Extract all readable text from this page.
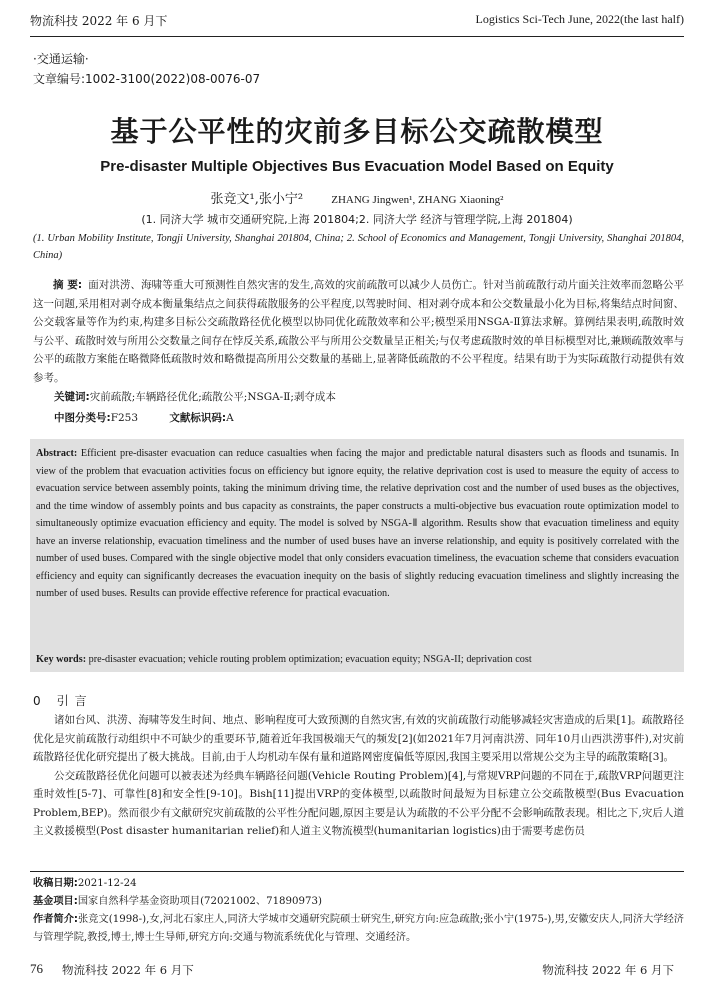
物流科技 2022 年 6 月下	Logistics Sci-Tech June, 2022(the last half)
·交通运输·
文章编号:1002-3100(2022)08-0076-07
基于公平性的灾前多目标公交疏散模型
Pre-disaster Multiple Objectives Bus Evacuation Model Based on Equity
张竞文¹,张小宁²	ZHANG Jingwen¹, ZHANG Xiaoning²
(1. 同济大学 城市交通研究院,上海 201804;2. 同济大学 经济与管理学院,上海 201804)
(1. Urban Mobility Institute, Tongji University, Shanghai 201804, China; 2. School of Economics and Management, Tongji University, Shanghai 201804, China)
摘 要: 面对洪涝、海啸等重大可预测性自然灾害的发生,高效的灾前疏散可以减少人员伤亡。针对当前疏散行动片面关注效率而忽略公平这一问题,采用相对剥夺成本衡量集结点之间获得疏散服务的公平程度,以驾驶时间、相对剥夺成本和公交数量最小化为目标,将集结点时间窗、公交载客量等作为约束,构建多目标公交疏散路径优化模型以协同优化疏散效率和公平;模型采用NSGA-Ⅱ算法求解。算例结果表明,疏散时效与公平、疏散时效与所用公交数量之间存在悖反关系,疏散公平与所用公交数量呈正相关;与仅考虑疏散时效的单目标模型对比,兼顾疏散效率与公平的疏散方案能在略微降低疏散时效和略微提高所用公交数量的基础上,显著降低疏散的不公平程度。结果有助于为实际疏散行动提供有效参考。
关键词:灾前疏散;车辆路径优化;疏散公平;NSGA-Ⅱ;剥夺成本
中图分类号:F253	文献标识码:A
Abstract: Efficient pre-disaster evacuation can reduce casualties when facing the major and predictable natural disasters such as floods and tsunamis. In view of the problem that evacuation activities focus on efficiency but ignore equity, the relative deprivation cost is used to measure the equity of access to evacuation service between assembly points, taking the minimum driving time, the relative deprivation cost and the number of used buses as the objectives, and the time window of assembly points and bus capacity as constraints, the paper constructs a multi-objective bus evacuation route optimization model to simultaneously optimize evacuation efficiency and equity. The model is solved by NSGA-Ⅱ algorithm. Results show that evacuation timeliness and equity have an inverse relationship, evacuation timeliness and the number of used buses have an inverse relationship, and equity is positively correlated with the number of used buses. Compared with the single objective model that only considers evacuation timeliness, the evacuation scheme that considers evacuation efficiency and equity can significantly decreases the evacuation inequity on the basis of slightly reducing evacuation timeliness and slightly increasing the number of used buses. Results can provide effective reference for practical evacuation.
Key words: pre-disaster evacuation; vehicle routing problem optimization; evacuation equity; NSGA-II; deprivation cost
0 引言

诸如台风、洪涝、海啸等发生时间、地点、影响程度可大致预测的自然灾害,有效的灾前疏散行动能够减轻灾害造成的后果[1]。疏散路径优化是灾前疏散行动组织中不可缺少的重要环节,随着近年我国极端天气的频发[2](如2021年7月河南洪涝、同年10月山西洪涝事件),对灾前疏散路径优化研究提出了极大挑战。目前,由于人均机动车保有量和道路网密度偏低等原因,我国主要采用以常规公交为主导的疏散策略[3]。

公交疏散路径优化问题可以被表述为经典车辆路径问题(Vehicle Routing Problem)[4],与常规VRP问题的不同在于,疏散VRP问题更注重时效性[5-7]、可靠性[8]和安全性[9-10]。Bish[11]提出VRP的变体模型,以疏散时间最短为目标建立公交疏散模型(Bus Evacuation Problem,BEP)。然而很少有文献研究灾前疏散的公平性分配问题,原因主要是认为疏散的不公平分配不会影响疏散表现。相比之下,灾后人道主义救援模型(Post disaster humanitarian relief)和人道主义物流模型(humanitarian logistics)由于需要考虑伤员

收稿日期:2021-12-24
基金项目:国家自然科学基金资助项目(72021002、71890973)
作者简介:张竞文(1998-),女,河北石家庄人,同济大学城市交通研究院硕士研究生,研究方向:应急疏散;张小宁(1975-),男,安徽安庆人,同济大学经济与管理学院,教授,博士,博士生导师,研究方向:交通与物流系统优化与管理、交通经济。
76 物流科技 2022 年 6 月下	物流科技 2022 年 6 月下
